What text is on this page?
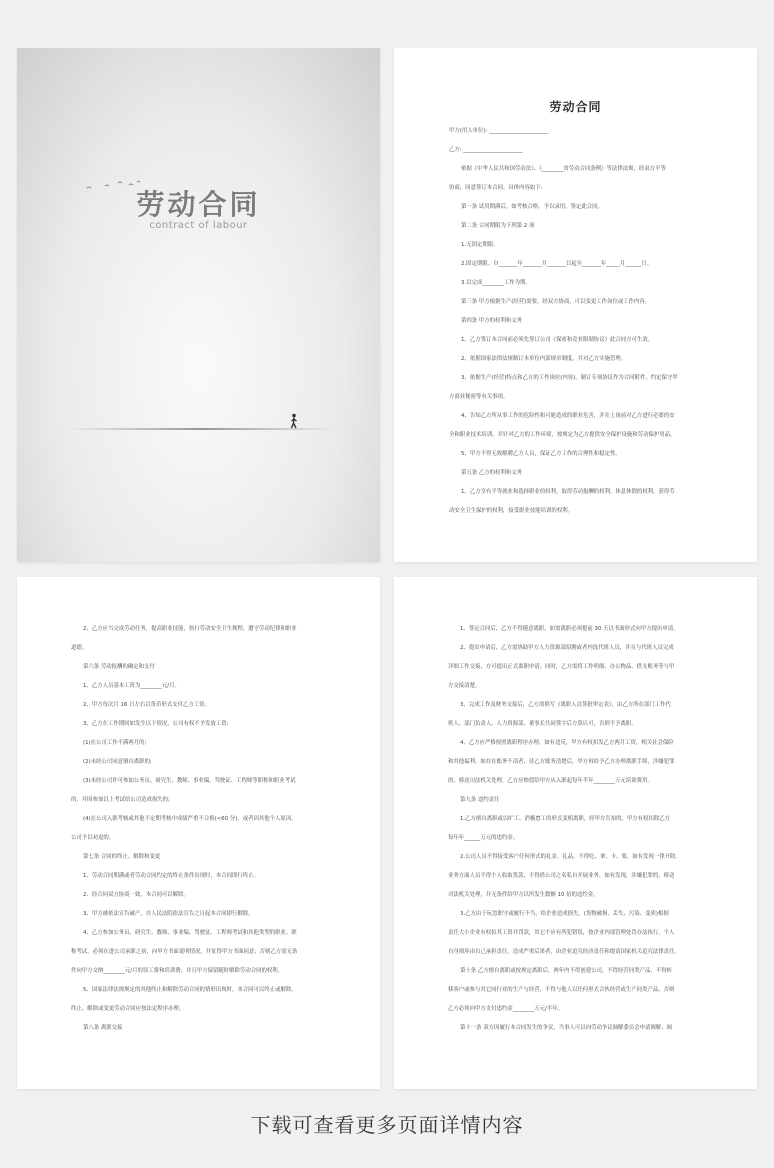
劳动合同
contract of labour
劳动合同
甲方(用人单位): ______________________
乙方: ______________________
依据《中华人民共和国劳动法》、《________省劳动合同条例》等法律法规，经双方平等
协商，同意签订本合同。具体内容如下:
第一条 试用期满后，如考核合格，予以录用，签定此合同。
第二条 合同期限为下列第 2 项
1.无固定期限。
2.固定期限。自_______年_______月_______日起至_______年_____月______日。
3.以完成________工作为期。
第三条 甲方根据生产(经营)需要，经双方协商，可以变更工作岗位或工作内容。
第四条 甲方的权利和义务
1、乙方签订本合同前必须先签订公司《保密和竞业限制协议》此合同方可生效。
2、依据国家法律法规制订本单位内部规章制度，并对乙方实施管理。
3、依据生产(经营)特点和乙方的工作岗位(内容)，制订专项协议作为合同附件，约定保守甲
方商业秘密等有关事项。
4、告知乙方所从事工作的危险性和可能造成的职业危害，并在上岗前对乙方进行必要的安
全和职业技术培训，并针对乙方的工作环境，按规定为乙方提供安全保护设施和劳动保护用品。
5、甲方不得无故解聘乙方人员，保证乙方工作的合理性和稳定性。
第五条 乙方的权利和义务
1、乙方享有平等就业和选择职业的权利，取得劳动报酬的权利，休息休假的权利，获得劳
动安全卫生保护的权利，接受职业技能培训的权利。
2、乙方应当完成劳动任务，提高职业技能，执行劳动安全卫生规程，遵守劳动纪律和职业
道德。
第六条 劳动报酬的确定和支付
1、乙方人员基本工资为________元/月。
2、甲方每次月 16 日左右以货币形式支付乙方工资。
3、乙方在工作期间如发生以下情况，公司有权不予发放工资:
(1)在公司工作不满两月的;
(2)未经公司同意擅自离职的;
(3)未经公司许可参加公务员、研究生、教师、事业编、驾驶证、工程师等职称和职业考试
的，并因参加以上考试给公司造成损失的;
(4)在公司入职考核或其他不定期考核中成绩严重不合格(<60 分)，或者因其他个人原因，
公司予以劝退的。
第七条 合同的终止、解除和变更
1、劳动合同期满或者劳动合同约定的终止条件出现时，本合同即行终止。
2、经合同双方协商一致，本合同可以解除。
3、甲方被依法宣告破产，自人民法院依法宣告之日起本合同即行解除。
4、乙方参加公务员、研究生、教师、事业编、驾驶证、工程师考试和其他类型的职业、职
称考试，必须在进公司承职之初，向甲方书面说明情况，并征得甲方书面同意；否则乙方需无条
件向甲方交纳________元/月的误工费和培训费；并且甲方保留随时解除劳动合同的权利。
5、国家法律法规规定的其他终止和解除劳动合同的情形出现时，本合同可以终止或解除。
终止、解除或变更劳动合同应按法定程序办理。
第八条 离职交接
1、签定合同后，乙方不得随意离职，如需离职必须提前 30 天以书面形式向甲方提出申请。
2、提出申请后，乙方需协助甲方人力资源部招聘或者内选代班人员，并且与代班人员完成
详细工作交接，方可提出正式离职申请；同时，乙方需将工作明细、办公物品、借支账务等与甲
方交接清楚。
3、完成工作及财务交接后，乙方需填写《离职人员签批审定表》，由乙方所在部门工作代
班人、部门负责人、人力资源部、董事长共同签字后方算认可，否则不予离职。
4、乙方应严格按照离职程序办理，如有违反，甲方有权扣发乙方两月工资，相关社会保险
和其他福利。如存在账务不清者，待乙方账务清楚后，甲方再给予乙方办理离职手续，涉嫌犯罪
的，移送司法机关处理，乙方应赔偿给甲方从入职起每年半年________万元培训费用。
第九条 违约责任
1.乙方擅自离职或以旷工、消极怠工的形式变相离职，经甲方告知的，甲方有权扣除乙方
每年年______万元的违约金。
2.公司人员不得接受客户任何形式的礼金、礼品，不得吃、拿、卡、要，如有发现一律开除。
业务方面人员不得个人收取货款，不得借公司之名私自开展业务，如有发现，涉嫌犯罪的，移送
司法机关处理，并无条件给甲方以所发生数额 10 倍的违约金。
3.乙方由于玩忽职守或履行不当，给企业造成损失，(货物破损、丢失、污染、变质)根据
责任大小企业有权扣其工资并罚款，其它不应有所犯错误，按企业内部管理处罚办法执行。个人
自身损坏由自己承担责任，造成严重后果者，由企业追究经济责任和提请国家机关追究法律责任。
第十条 乙方擅自离职或按规定离职后，两年内不得创建公司，不得经营同类产品，不得转
移客户或参与其它同行业的生产与经营，不得与他人以任何形式合伙经营或生产同类产品，否则
乙方必须向甲方支付违约金________万元/半年。
第十一条 双方因履行本合同发生的争议，当事人可以向劳动争议调解委员会申请调解；调
下载可查看更多页面详情内容
